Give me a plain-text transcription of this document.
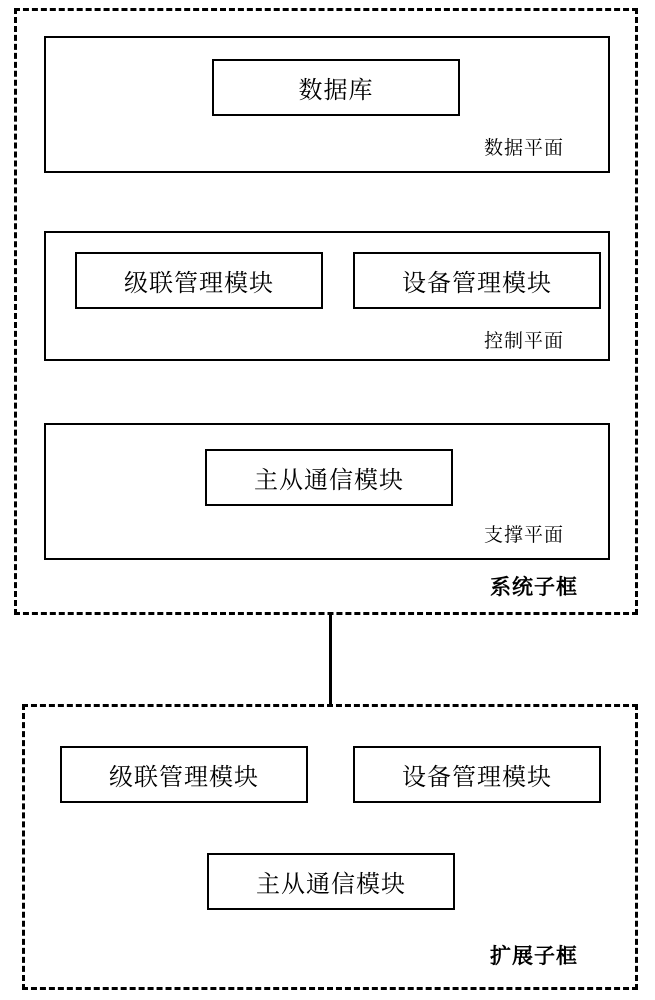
数据库
数据平面
级联管理模块	设备管理模块
控制平面
主从通信模块
支撑平面
系统子框
级联管理模块	设备管理模块
主从通信模块
扩展子框
